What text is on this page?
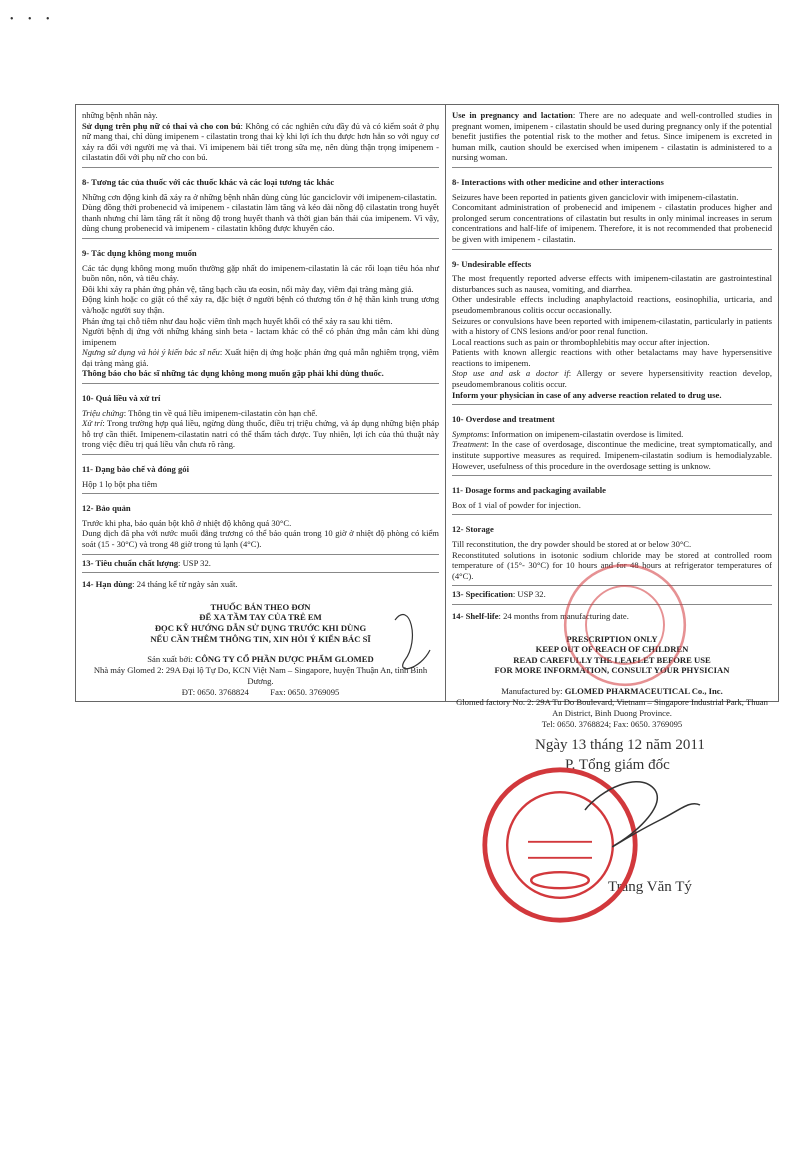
• • •

những bệnh nhân này.

Sử dụng trên phụ nữ có thai và cho con bú: Không có các nghiên cứu đầy đủ và có kiểm soát ở phụ nữ mang thai, chỉ dùng imipenem - cilastatin trong thai kỳ khi lợi ích thu được hơn hẳn so với nguy cơ xảy ra đối với người mẹ và thai. Vì imipenem bài tiết trong sữa mẹ, nên dùng thận trọng imipenem - cilastatin đối với phụ nữ cho con bú.

8- Tương tác của thuốc với các thuốc khác và các loại tương tác khác

Những cơn động kinh đã xảy ra ở những bệnh nhân dùng cùng lúc ganciclovir với imipenem-cilastatin.

Dùng đồng thời probenecid và imipenem - cilastatin làm tăng và kéo dài nồng độ cilastatin trong huyết thanh nhưng chỉ làm tăng rất ít nồng độ trong huyết thanh và thời gian bán thải của imipenem. Vì vậy, dùng chung probenecid và imipenem - cilastatin không được khuyến cáo.

9- Tác dụng không mong muốn

Các tác dụng không mong muốn thường gặp nhất do imipenem-cilastatin là các rối loạn tiêu hóa như buồn nôn, nôn, và tiêu chảy.

Đôi khi xảy ra phản ứng phản vệ, tăng bạch cầu ưa eosin, nổi mày đay, viêm đại tràng màng giả.

Động kinh hoặc co giật có thể xảy ra, đặc biệt ở người bệnh có thương tổn ở hệ thần kinh trung ương và/hoặc người suy thận.

Phản ứng tại chỗ tiêm như đau hoặc viêm tĩnh mạch huyết khối có thể xảy ra sau khi tiêm.

Người bệnh dị ứng với những kháng sinh beta - lactam khác có thể có phản ứng mẫn cảm khi dùng imipenem

Ngưng sử dụng và hỏi ý kiến bác sĩ nếu: Xuất hiện dị ứng hoặc phản ứng quá mẫn nghiêm trọng, viêm đại tràng màng giả.

Thông báo cho bác sĩ những tác dụng không mong muốn gặp phải khi dùng thuốc.

10- Quá liều và xử trí

Triệu chứng: Thông tin về quá liều imipenem-cilastatin còn hạn chế.

Xử trí: Trong trường hợp quá liều, ngừng dùng thuốc, điều trị triệu chứng, và áp dụng những biện pháp hỗ trợ cần thiết. Imipenem-cilastatin natri có thể thẩm tách được. Tuy nhiên, lợi ích của thủ thuật này trong việc điều trị quá liều vẫn chưa rõ ràng.

11- Dạng bào chế và đóng gói

Hộp 1 lọ bột pha tiêm

12- Bảo quản

Trước khi pha, bảo quản bột khô ở nhiệt độ không quá 30°C.

Dung dịch đã pha với nước muối đẳng trương có thể bảo quản trong 10 giờ ở nhiệt độ phòng có kiểm soát (15 - 30°C) và trong 48 giờ trong tủ lạnh (4°C).

13- Tiêu chuẩn chất lượng: USP 32.

14- Hạn dùng: 24 tháng kể từ ngày sản xuất.

THUỐC BÁN THEO ĐƠN
ĐỂ XA TẦM TAY CỦA TRẺ EM
ĐỌC KỸ HƯỚNG DẪN SỬ DỤNG TRƯỚC KHI DÙNG
NẾU CẦN THÊM THÔNG TIN, XIN HỎI Ý KIẾN BÁC SĨ
Sản xuất bởi: CÔNG TY CỔ PHẦN DƯỢC PHẨM GLOMED
Nhà máy Glomed 2: 29A Đại lộ Tự Do, KCN Việt Nam – Singapore, huyện Thuận An, tỉnh Bình Dương.
ĐT: 0650. 3768824          Fax: 0650. 3769095

Use in pregnancy and lactation: There are no adequate and well-controlled studies in pregnant women, imipenem - cilastatin should be used during pregnancy only if the potential benefit justifies the potential risk to the mother and fetus. Since imipenem is excreted in human milk, caution should be exercised when imipenem - cilastatin is administered to a nursing woman.

8- Interactions with other medicine and other interactions

Seizures have been reported in patients given ganciclovir with imipenem-cilastatin.

Concomitant administration of probenecid and imipenem - cilastatin produces higher and prolonged serum concentrations of cilastatin but results in only minimal increases in serum concentrations and half-life of imipenem. Therefore, it is not recommended that probenecid be given with imipenem - cilastatin.

9- Undesirable effects

The most frequently reported adverse effects with imipenem-cilastatin are gastrointestinal disturbances such as nausea, vomiting, and diarrhea.

Other undesirable effects including anaphylactoid reactions, eosinophilia, urticaria, and pseudomembranous colitis occur occasionally.

Seizures or convulsions have been reported with imipenem-cilastatin, particularly in patients with a history of CNS lesions and/or poor renal function.

Local reactions such as pain or thrombophlebitis may occur after injection.

Patients with known allergic reactions with other betalactams may have hypersensitive reactions to imipenem.

Stop use and ask a doctor if: Allergy or severe hypersensitivity reaction develop, pseudomembranous colitis occur.

Inform your physician in case of any adverse reaction related to drug use.

10- Overdose and treatment

Symptoms: Information on imipenem-cilastatin overdose is limited.

Treatment: In the case of overdosage, discontinue the medicine, treat symptomatically, and institute supportive measures as required. Imipenem-cilastatin sodium is hemodialyzable. However, usefulness of this procedure in the overdosage setting is unknow.

11- Dosage forms and packaging available

Box of 1 vial of powder for injection.

12- Storage

Till reconstitution, the dry powder should be stored at or below 30°C.

Reconstituted solutions in isotonic sodium chloride may be stored at controlled room temperature of (15°- 30°C) for 10 hours and for 48 hours at refrigerator temperatures of (4°C).

13- Specification: USP 32.

14- Shelf-life: 24 months from manufacturing date.

PRESCRIPTION ONLY
KEEP OUT OF REACH OF CHILDREN
READ CAREFULLY THE LEAFLET BEFORE USE
FOR MORE INFORMATION, CONSULT YOUR PHYSICIAN
Manufactured by: GLOMED PHARMACEUTICAL Co., Inc.
Glomed factory No. 2: 29A Tu Do Boulevard, Vietnam – Singapore Industrial Park, Thuan An District, Binh Duong Province.
Tel: 0650. 3768824; Fax: 0650. 3769095
Ngày 13 tháng 12 năm 2011
P. Tổng giám đốc
Trang Văn Tý
